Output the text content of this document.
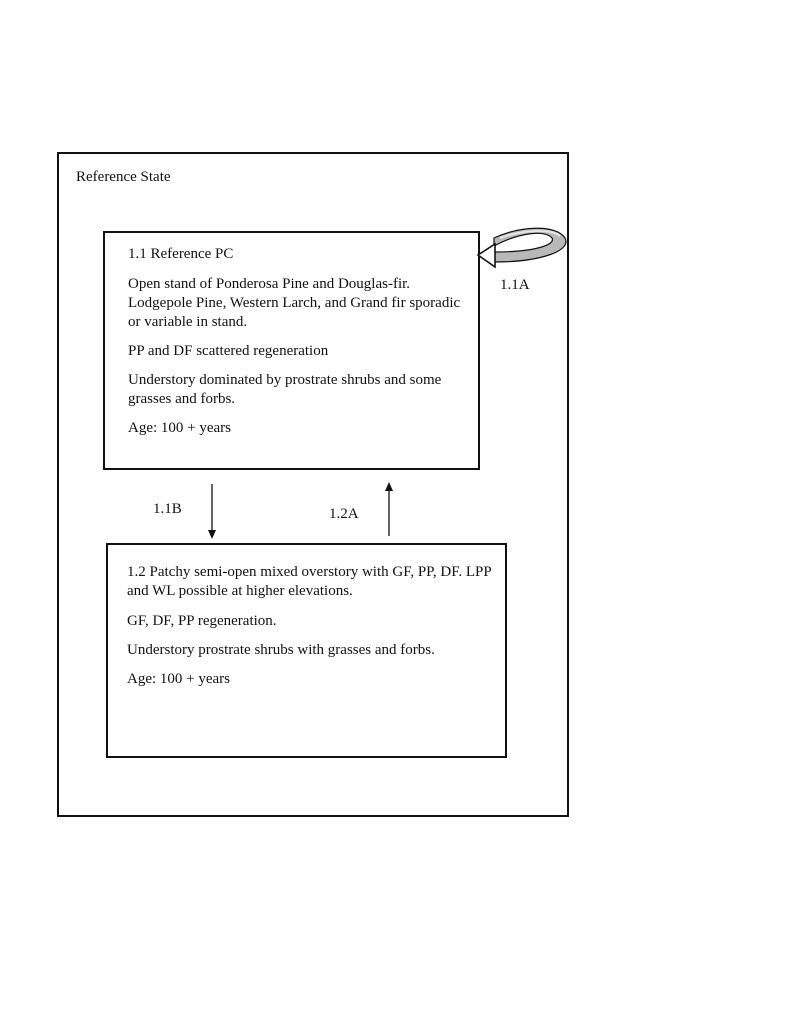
Reference State

1.1 Reference PC

Open stand of Ponderosa Pine and Douglas-fir. Lodgepole Pine, Western Larch, and Grand fir sporadic or variable in stand.

PP and DF scattered regeneration

Understory dominated by prostrate shrubs and some grasses and forbs.

Age: 100 + years

1.2 Patchy semi-open mixed overstory with GF, PP, DF. LPP and WL possible at higher elevations.

GF, DF, PP regeneration.

Understory prostrate shrubs with grasses and forbs.

Age: 100 + years

1.1A
1.1B	1.2A
